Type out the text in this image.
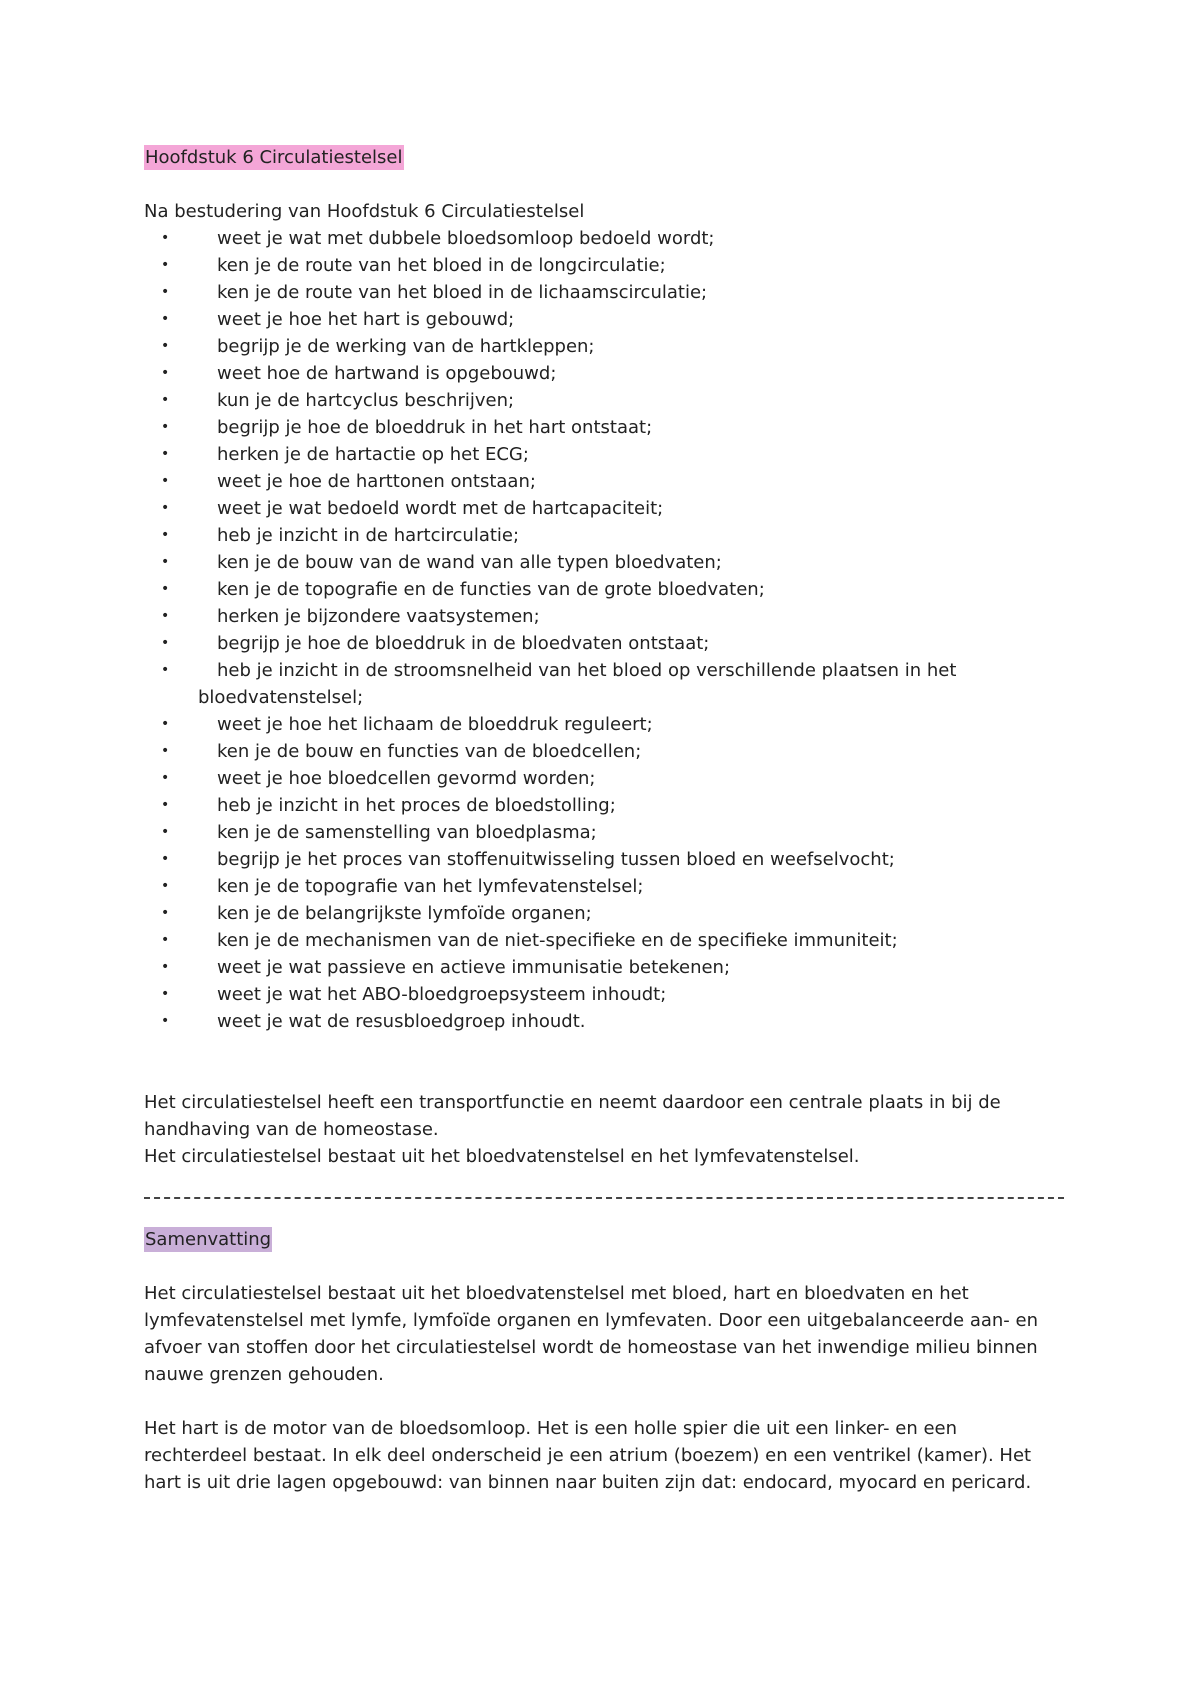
Hoofdstuk 6 Circulatiestelsel

Na bestudering van Hoofdstuk 6 Circulatiestelsel

•	weet je wat met dubbele bloedsomloop bedoeld wordt;
•	ken je de route van het bloed in de longcirculatie;
•	ken je de route van het bloed in de lichaamscirculatie;
•	weet je hoe het hart is gebouwd;
•	begrijp je de werking van de hartkleppen;
•	weet hoe de hartwand is opgebouwd;
•	kun je de hartcyclus beschrijven;
•	begrijp je hoe de bloeddruk in het hart ontstaat;
•	herken je de hartactie op het ECG;
•	weet je hoe de harttonen ontstaan;
•	weet je wat bedoeld wordt met de hartcapaciteit;
•	heb je inzicht in de hartcirculatie;
•	ken je de bouw van de wand van alle typen bloedvaten;
•	ken je de topografie en de functies van de grote bloedvaten;
•	herken je bijzondere vaatsystemen;
•	begrijp je hoe de bloeddruk in de bloedvaten ontstaat;
•	heb je inzicht in de stroomsnelheid van het bloed op verschillende plaatsen in het
bloedvatenstelsel;
•	weet je hoe het lichaam de bloeddruk reguleert;
•	ken je de bouw en functies van de bloedcellen;
•	weet je hoe bloedcellen gevormd worden;
•	heb je inzicht in het proces de bloedstolling;
•	ken je de samenstelling van bloedplasma;
•	begrijp je het proces van stoffenuitwisseling tussen bloed en weefselvocht;
•	ken je de topografie van het lymfevatenstelsel;
•	ken je de belangrijkste lymfoïde organen;
•	ken je de mechanismen van de niet-specifieke en de specifieke immuniteit;
•	weet je wat passieve en actieve immunisatie betekenen;
•	weet je wat het ABO-bloedgroepsysteem inhoudt;
•	weet je wat de resusbloedgroep inhoudt.

Het circulatiestelsel heeft een transportfunctie en neemt daardoor een centrale plaats in bij de handhaving van de homeostase.

Het circulatiestelsel bestaat uit het bloedvatenstelsel en het lymfevatenstelsel.

Samenvatting

Het circulatiestelsel bestaat uit het bloedvatenstelsel met bloed, hart en bloedvaten en het lymfevatenstelsel met lymfe, lymfoïde organen en lymfevaten. Door een uitgebalanceerde aan- en afvoer van stoffen door het circulatiestelsel wordt de homeostase van het inwendige milieu binnen nauwe grenzen gehouden.

Het hart is de motor van de bloedsomloop. Het is een holle spier die uit een linker- en een rechterdeel bestaat. In elk deel onderscheid je een atrium (boezem) en een ventrikel (kamer). Het hart is uit drie lagen opgebouwd: van binnen naar buiten zijn dat: endocard, myocard en pericard.
